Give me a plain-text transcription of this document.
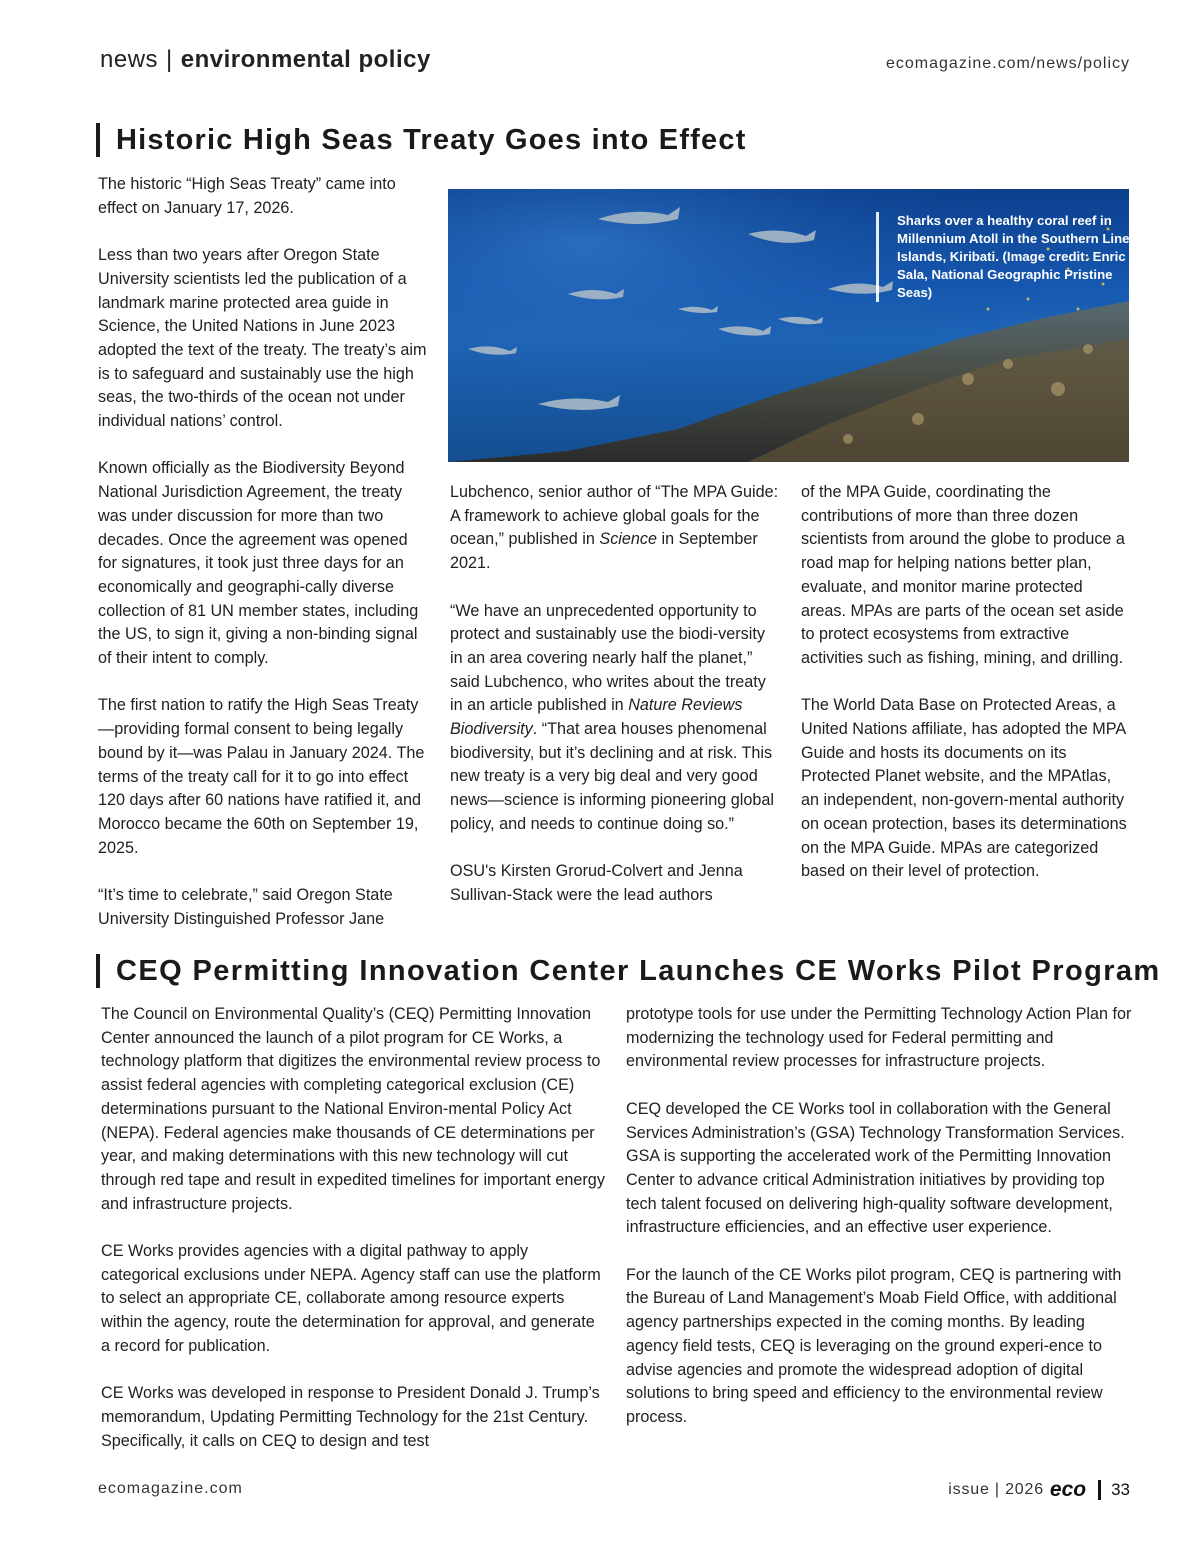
news | environmental policy	ecomagazine.com/news/policy
Historic High Seas Treaty Goes into Effect

The historic “High Seas Treaty” came into effect on January 17, 2026.

Less than two years after Oregon State University scientists led the publication of a landmark marine protected area guide in Science, the United Nations in June 2023 adopted the text of the treaty. The treaty’s aim is to safeguard and sustainably use the high seas, the two-thirds of the ocean not under individual nations’ control.

Known officially as the Biodiversity Beyond National Jurisdiction Agreement, the treaty was under discussion for more than two decades. Once the agreement was opened for signatures, it took just three days for an economically and geographi-cally diverse collection of 81 UN member states, including the US, to sign it, giving a non-binding signal of their intent to comply.

The first nation to ratify the High Seas Treaty—providing formal consent to being legally bound by it—was Palau in January 2024. The terms of the treaty call for it to go into effect 120 days after 60 nations have ratified it, and Morocco became the 60th on September 19, 2025.

“It’s time to celebrate,” said Oregon State University Distinguished Professor Jane

Sharks over a healthy coral reef in Millennium Atoll in the Southern Line Islands, Kiribati. (Image credit: Enric Sala, National Geographic Pristine Seas)

Lubchenco, senior author of “The MPA Guide: A framework to achieve global goals for the ocean,” published in Science in September 2021.

“We have an unprecedented opportunity to protect and sustainably use the biodi-versity in an area covering nearly half the planet,” said Lubchenco, who writes about the treaty in an article published in Nature Reviews Biodiversity. “That area houses phenomenal biodiversity, but it’s declining and at risk. This new treaty is a very big deal and very good news—science is informing pioneering global policy, and needs to continue doing so.”

OSU's Kirsten Grorud-Colvert and Jenna Sullivan-Stack were the lead authors

of the MPA Guide, coordinating the contributions of more than three dozen scientists from around the globe to produce a road map for helping nations better plan, evaluate, and monitor marine protected areas. MPAs are parts of the ocean set aside to protect ecosystems from extractive activities such as fishing, mining, and drilling.

The World Data Base on Protected Areas, a United Nations affiliate, has adopted the MPA Guide and hosts its documents on its Protected Planet website, and the MPAtlas, an independent, non-govern-mental authority on ocean protection, bases its determinations on the MPA Guide. MPAs are categorized based on their level of protection.

CEQ Permitting Innovation Center Launches CE Works Pilot Program

The Council on Environmental Quality’s (CEQ) Permitting Innovation Center announced the launch of a pilot program for CE Works, a technology platform that digitizes the environmental review process to assist federal agencies with completing categorical exclusion (CE) determinations pursuant to the National Environ-mental Policy Act (NEPA). Federal agencies make thousands of CE determinations per year, and making determinations with this new technology will cut through red tape and result in expedited timelines for important energy and infrastructure projects.

CE Works provides agencies with a digital pathway to apply categorical exclusions under NEPA. Agency staff can use the platform to select an appropriate CE, collaborate among resource experts within the agency, route the determination for approval, and generate a record for publication.

CE Works was developed in response to President Donald J. Trump’s memorandum, Updating Permitting Technology for the 21st Century. Specifically, it calls on CEQ to design and test

prototype tools for use under the Permitting Technology Action Plan for modernizing the technology used for Federal permitting and environmental review processes for infrastructure projects.

CEQ developed the CE Works tool in collaboration with the General Services Administration’s (GSA) Technology Transformation Services. GSA is supporting the accelerated work of the Permitting Innovation Center to advance critical Administration initiatives by providing top tech talent focused on delivering high-quality software development, infrastructure efficiencies, and an effective user experience.

For the launch of the CE Works pilot program, CEQ is partnering with the Bureau of Land Management’s Moab Field Office, with additional agency partnerships expected in the coming months. By leading agency field tests, CEQ is leveraging on the ground experi-ence to advise agencies and promote the widespread adoption of digital solutions to bring speed and efficiency to the environmental review process.

ecomagazine.com	issue | 2026 eco 33
